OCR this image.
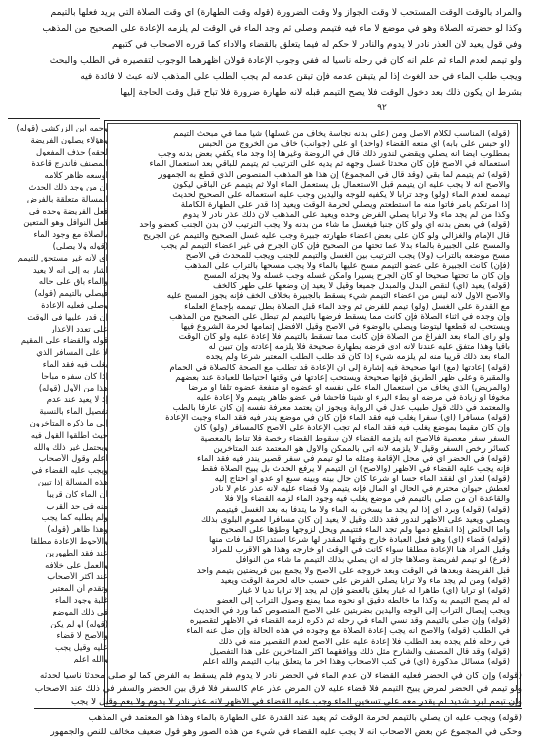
والمراد بالوقت الوقت المستحب لا وقت الجواز ولا وقت الضرورة (قوله وقت الطهارة) أي وقت الصلاة التي يريد فعلها بالتيمم
وكذا لو حضرته الصلاة وهو في موضع لا ماء فيه فتيمم وصلى ثم وجد الماء في الوقت لم يلزمه الإعادة على الصحيح من المذهب
وفي قول يعيد لأن العذر نادر لا يدوم والنادر لا حكم له فيما يتعلق بالقضاء والأداء كما قرره الأصحاب في كتبهم
ولو تيمم لعدم الماء ثم علم أنه كان في رحله ناسيا له ففي وجوب الإعادة قولان أظهرهما الوجوب لتقصيره في الطلب والبحث
ويجب طلب الماء في حد الغوث إذا لم يتيقن عدمه فإن تيقن عدمه لم يجب الطلب على المذهب لأنه عبث لا فائدة فيه
بشرط أن يكون ذلك بعد دخول الوقت فلا يصح التيمم قبله لأنه طهارة ضرورة فلا تباح قبل وقت الحاجة إليها
٩٢
(قوله) المناسب لكلام الأصل ومن (على بدنه نجاسة يخاف من غسلها) شيأ مما في مبحث التيمم
(أو حبس على بابه) أي منعه القضاء (وأحد) أو على (جوانب) خاف من الخروج من الحبس
بمطلوب أيضا أنه يصلي ويقضي لندور ذلك قال في الروضة وغيرها إذا وجد ماء يكفي بعض بدنه وجب
استعماله في الأصح فإن كان محدثا غسل وجهه ثم يديه على الترتيب ثم يتيمم للباقي بعد استعمال الماء
(قوله) ثم يتيمم لما بقي (وقد قال في المجموع) إن هذا هو المذهب المنصوص الذي قطع به الجمهور
والأصح أنه لا يجب عليه أن يتيمم قبل الاستعمال بل يستعمل الماء أولا ثم يتيمم عن الباقي ليكون
تيممه لعدم الماء (ولو) وجد ترابا لا يكفيه للوجه واليدين وجب عليه استعماله على الصحيح لحديث
إذا أمرتكم بأمر فأتوا منه ما استطعتم ويصلي لحرمة الوقت ويعيد إذا قدر على الطهارة الكاملة
وكذا من لم يجد ماء ولا ترابا يصلي الفرض وحده ويعيد على المذهب لأن ذلك عذر نادر لا يدوم
(قوله) في بعض بدنه أي ولو كان جنبا فيغسل ما شاء من بدنه ولا يجب الترتيب لأن بدن الجنب كعضو واحد
قال الإمام والغزالي ولو كان على بعض أعضاء طهارته جبيرة وجب عليه غسل الصحيح والتيمم عن الجريح
والمسح على الجبيرة بالماء بدلا عما تحتها من الصحيح فإن كان الجرح في غير أعضاء التيمم لم يجب
مسح موضعه بالتراب (ولا) يجب الترتيب بين الغسل والتيمم للجنب ويجب للمحدث في الأصح
(فإن) كانت الجبيرة على عضو التيمم مسح عليها بالماء ولا يجب مسحها بالتراب على المذهب
وإن كان ما تحتها صحيحا أو كان الجرح يسيرا وأمكن غسله وجب غسله ولا يجزئه المسح
(قوله) يعيد (أي) لنقص البدل والمبدل جميعا وقيل لا يعيد إن وضعها على طهر كالخف
والأصح الأول لأنه ليس من أعضاء التيمم شيء يسقط بالجبيرة بخلاف الخف فإنه يجوز المسح عليه
مع القدرة على الغسل (ولو) تيمم للفرض ثم وجد الماء قبل الصلاة بطل تيممه بإجماع العلماء
وإن وجده في أثناء الصلاة فإن كانت مما يسقط فرضها بالتيمم لم تبطل على الصحيح من المذهب
ويستحب له قطعها ليتوضأ ويصلي بالوضوء في الأصح وقيل الأفضل إتمامها لحرمة الشروع فيها
ولو رأى الماء بعد الفراغ من الصلاة فإن كانت مما تسقط بالتيمم فلا إعادة عليه ولو كان الوقت
باقيا وهذا متفق عليه عندنا لأنه أدى فرضه بطهارة صحيحة فلا يلزمه إعادته وإن تبين له
الماء بعد ذلك قريبا منه لم يلزمه شيء إذا كان قد طلب الطلب المعتبر شرعا ولم يجده
(قوله) إعادتها (مع) أنها صحيحة فيه إشارة إلى أن الإعادة قد تطلب مع الصحة كالصلاة في الحمام
والمقبرة وعلى ظهر الطريق فإنها صحيحة ويستحب إعادتها في وقتها احتياطا للعبادة عند بعضهم
(والمريض) الذي يخاف من استعمال الماء على نفسه أو عضوه أو منفعة عضوه تلفا أو مرضا
مخوفا أو زيادة في مرضه أو بطء البرء أو شينا فاحشا في عضو ظاهر يتيمم ولا إعادة عليه
والمعتمد في ذلك قول طبيب عدل في الرواية ويجوز أن يعتمد معرفة نفسه إن كان عارفا بالطب
(قوله) مسافرا (أي) سفرا يغلب فيه فقد الماء فإن كان في موضع يندر فيه فقد الماء وجبت الإعادة
وإن كان مقيما بموضع يغلب فيه فقد الماء لم تجب الإعادة على الأصح كالمسافر (ولو) كان
السفر سفر معصية فالأصح أنه يلزمه القضاء لأن سقوط القضاء رخصة فلا تناط بالمعصية
كسائر رخص السفر وقيل لا يلزمه لأنه أتى بالممكن والأول هو المعتمد عند المتأخرين
(قوله) في الحضر أي في محل الإقامة ومثله ما لو تيمم في سفر قصير يندر فيه فقد الماء
فإنه يجب عليه القضاء في الأظهر (والأصح) أن التيمم لا يرفع الحدث بل يبيح الصلاة فقط
(قوله) لعذر أي لفقد الماء حسا أو شرعا كأن حال بينه وبينه سبع أو عدو أو احتاج إليه
لعطش حيوان محترم في الحال أو المآل فإنه يتيمم ولا قضاء عليه لأنه عذر عام لا نادر
والقاعدة أن من صلى بالتيمم في موضع يغلب فيه وجود الماء لزمه القضاء وإلا فلا
(قوله) (قوله) وبرد أي إذا لم يجد ما يسخن به الماء ولا ما يتدفأ به بعد الغسل فيتيمم
ويصلي ويعيد على الأظهر لندور فقد ذلك وقيل لا يعيد إن كان مسافرا لعموم البلوى بذلك
وأما الحائض إذا انقطع دمها ولم تجد الماء فتتيمم ويحل لزوجها وطؤها على الصحيح
(قوله) قضاء (أي) وهو فعل العبادة خارج وقتها المقدر لها شرعا استدراكا لما فات منها
وقيل المراد هنا الإعادة مطلقا سواء كانت في الوقت أو خارجه وهذا هو الأقرب للمراد
(فرع) لو تيمم لفريضة وصلاها جاز له أن يصلي بذلك التيمم ما شاء من النوافل
قبل الفريضة وبعدها في الوقت وبعد خروجه على الأصح ولا يجمع بين فريضتين بتيمم واحد
(قوله) ومن لم يجد ماء ولا ترابا يصلي الفرض على حسب حاله لحرمة الوقت ويعيد
(قوله) أو ترابا (أي) طاهرا له غبار يعلق بالعضو فإن لم يجد إلا ترابا نديا لا غبار
له لم يصح التيمم به وكذا ما خالطه دقيق أو نحوه مما يمنع وصول التراب إلى العضو
ويجب إيصال التراب إلى الوجه واليدين بضربتين على الأصح المنصوص كما ورد في الحديث
(قوله) وإن صلى بالتيمم وقد نسي الماء في رحله ثم ذكره لزمه القضاء في الأظهر لتقصيره
في الطلب (قوله) والأصح أنه يجب إعادة الصلاة مع وجوده في هذه الحالة وإن ضل عنه الماء
في رحله فلم يجده بعد الطلب فلا إعادة عليه على الأصح لعدم التقصير منه في ذلك
(قوله) وقد قال المصنف والشارح مثل ذلك ووافقهما أكثر المتأخرين على هذا التفصيل
(قوله) مسائل مذكورة (أي) في كتب الأصحاب وهذا آخر ما يتعلق بباب التيمم والله أعلم
وحمه ابن الزركشي (قوله)
وهؤلاء يصلون الفريضة
لحقه) حذف المفعول
المصنف فاندرج قاعدة
أوسعه ظاهر كلامه
أن من وجد ذلك الحدث
المسألة متعلقة بالفرض
فعل الفريضة وحده في
فعل النوافل وهو المتعين
بالصلاة مع وجود الماء
(قوله ولا يصلي)
أي لأنه غير مستحق للتيمم
أشار به إلى أنه لا يعيد
والماء باق على حاله
فيصلي بالتيمم (قوله)
وصلى فعليه الإعادة
إن قدر عليها في الوقت
على تعدد الأعذار
قوله والقضاء على المقيم
لا على المسافر الذي
يغلب فيه فقد الماء
إذا كان سفره مباحا
هذا من الأول (قوله)
إذ لا يعيد عند عدم
تفصيل الماء بالنسبة
إلى ما ذكره المتأخرون
حيث أطلقوا القول فيه
ويحتمل غير ذلك والله
أعلم وقول الأصحاب
ويجب عليه القضاء في
هذه المسألة إذا تبين
أن الماء كان قريبا
منه في حد القرب
ولم يطلبه كما يجب
وهذا ظاهر (قوله)
والأحوط الإعادة مطلقا
عند فقد الطهورين
والعمل على خلافه
عند أكثر الأصحاب
وتقدم أن المعتبر
غلبة وجود الماء
في ذلك الموضع
(قوله) أو لم يكن
والأصح لا قضاء
عليه وقيل يجب
والله أعلم
(قوله) وإن كان في الحضر فعليه القضاء لأن عدم الماء في الحضر نادر لا يدوم فلم يسقط به الفرض كما لو صلى محدثا ناسيا لحدثه
ولو تيمم في الحضر لمرض يبيح التيمم فلا قضاء عليه لأن المرض عذر عام كالسفر فلا فرق بين الحضر والسفر في ذلك عند الأصحاب
وإن تيمم لبرد شديد لم يقدر معه على تسخين الماء وجب عليه القضاء في الأظهر لأنه عذر نادر لا يدوم ولا يعم وقيل لا يجب
(قوله) ويجب عليه أن يصلي بالتيمم لحرمة الوقت ثم يعيد عند القدرة على الطهارة بالماء وهذا هو المعتمد في المذهب
وحكى في المجموع عن بعض الأصحاب أنه لا يجب عليه القضاء في شيء من هذه الصور وهو قول ضعيف مخالف للنص والجمهور
